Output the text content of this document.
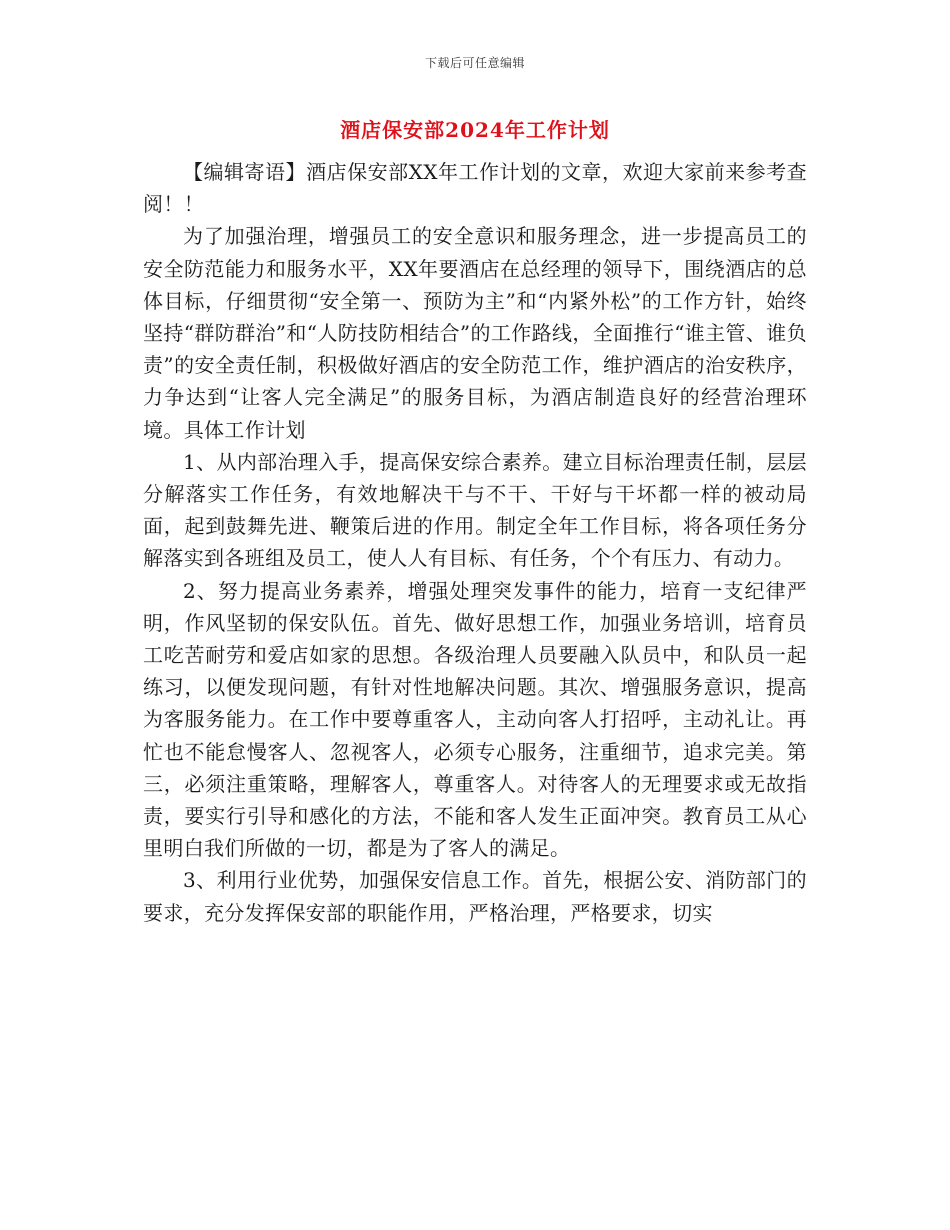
下载后可任意编辑
酒店保安部2024年工作计划

【编辑寄语】酒店保安部XX年工作计划的文章，欢迎大家前来参考查阅！！

为了加强治理，增强员工的安全意识和服务理念，进一步提高员工的安全防范能力和服务水平，XX年要酒店在总经理的领导下，围绕酒店的总体目标，仔细贯彻“安全第一、预防为主”和“内紧外松”的工作方针，始终坚持“群防群治”和“人防技防相结合”的工作路线，全面推行“谁主管、谁负责”的安全责任制，积极做好酒店的安全防范工作，维护酒店的治安秩序，力争达到“让客人完全满足”的服务目标，为酒店制造良好的经营治理环境。具体工作计划

1、从内部治理入手，提高保安综合素养。建立目标治理责任制，层层分解落实工作任务，有效地解决干与不干、干好与干坏都一样的被动局面，起到鼓舞先进、鞭策后进的作用。制定全年工作目标，将各项任务分解落实到各班组及员工，使人人有目标、有任务，个个有压力、有动力。

2、努力提高业务素养，增强处理突发事件的能力，培育一支纪律严明，作风坚韧的保安队伍。首先、做好思想工作，加强业务培训，培育员工吃苦耐劳和爱店如家的思想。各级治理人员要融入队员中，和队员一起练习，以便发现问题，有针对性地解决问题。其次、增强服务意识，提高为客服务能力。在工作中要尊重客人，主动向客人打招呼，主动礼让。再忙也不能怠慢客人、忽视客人，必须专心服务，注重细节，追求完美。第三，必须注重策略，理解客人，尊重客人。对待客人的无理要求或无故指责，要实行引导和感化的方法，不能和客人发生正面冲突。教育员工从心里明白我们所做的一切，都是为了客人的满足。

3、利用行业优势，加强保安信息工作。首先，根据公安、消防部门的要求，充分发挥保安部的职能作用，严格治理，严格要求，切实
